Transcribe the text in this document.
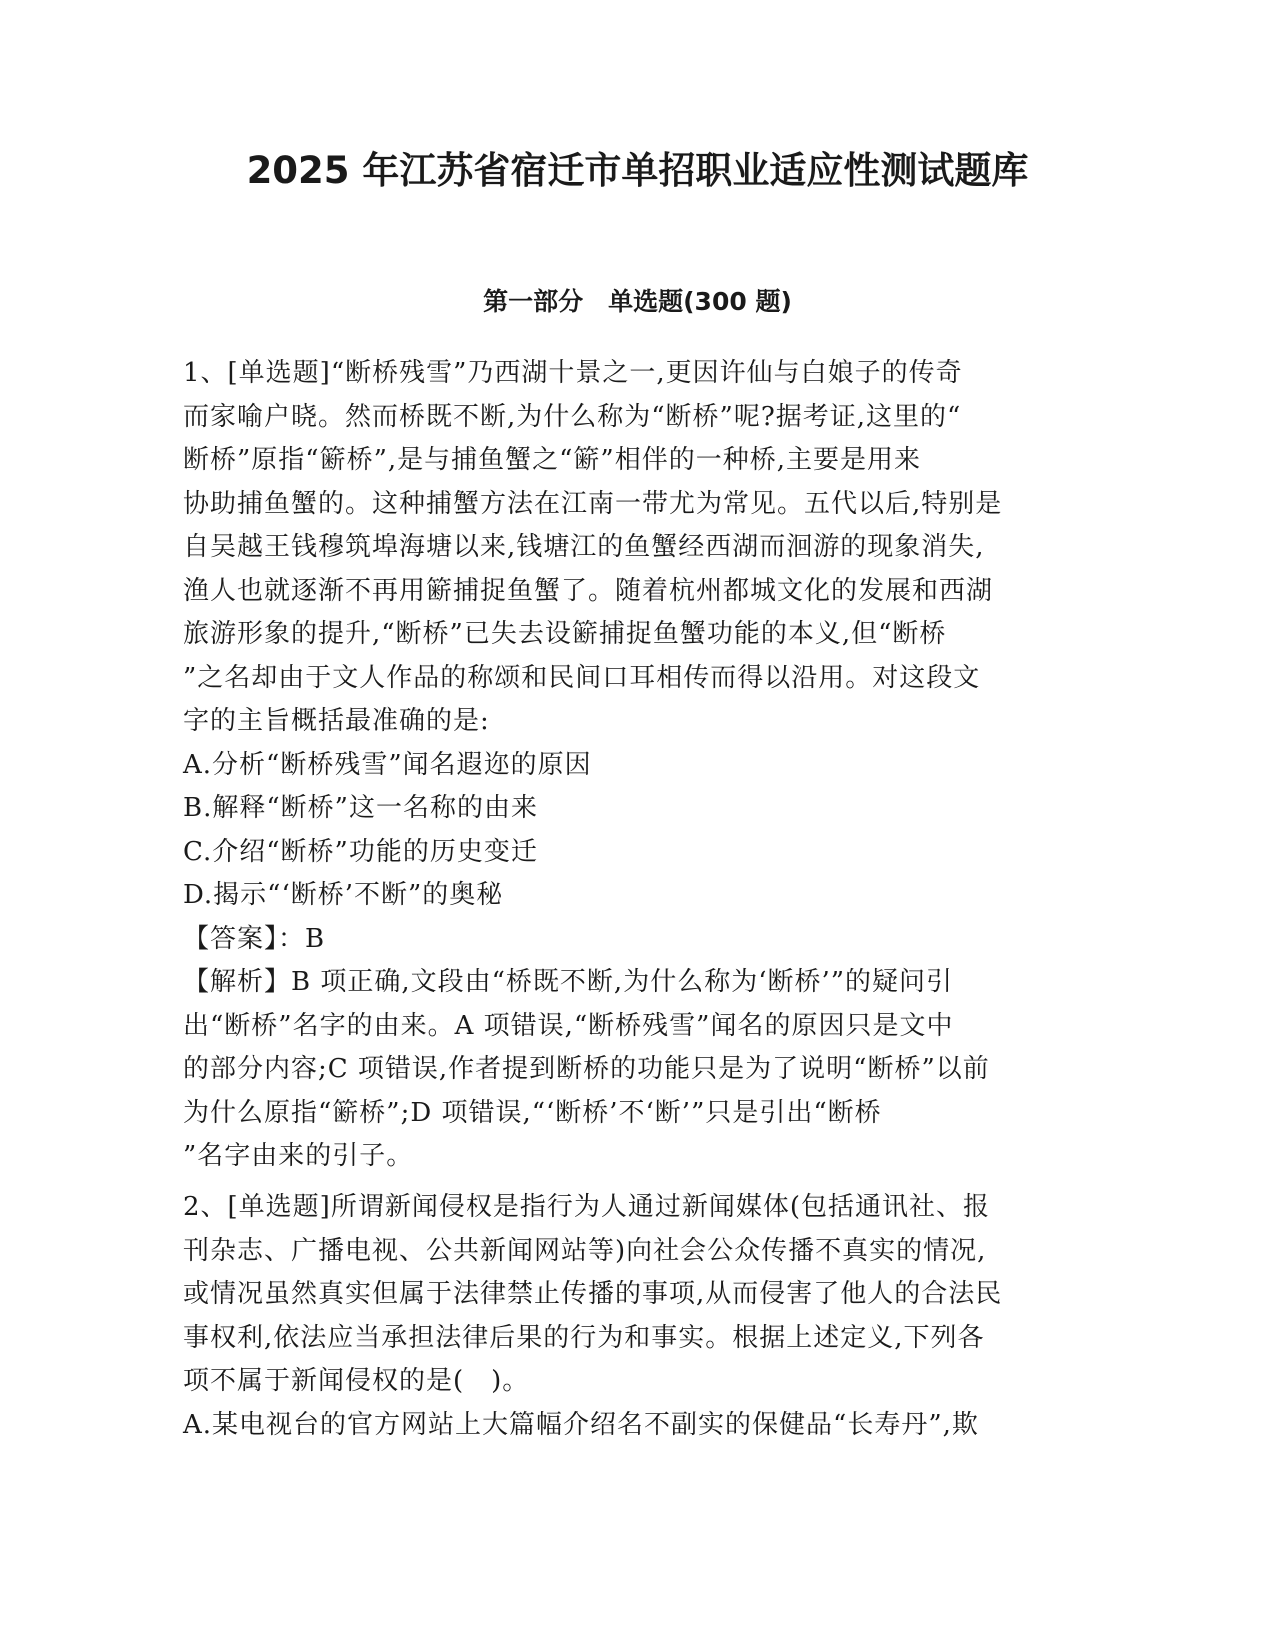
2025 年江苏省宿迁市单招职业适应性测试题库
第一部分　单选题(300 题)
1、[单选题]“断桥残雪”乃西湖十景之一,更因许仙与白娘子的传奇
而家喻户晓。然而桥既不断,为什么称为“断桥”呢?据考证,这里的“
断桥”原指“簖桥”,是与捕鱼蟹之“簖”相伴的一种桥,主要是用来
协助捕鱼蟹的。这种捕蟹方法在江南一带尤为常见。五代以后,特别是
自吴越王钱穆筑埠海塘以来,钱塘江的鱼蟹经西湖而洄游的现象消失,
渔人也就逐渐不再用簖捕捉鱼蟹了。随着杭州都城文化的发展和西湖
旅游形象的提升,“断桥”已失去设簖捕捉鱼蟹功能的本义,但“断桥
”之名却由于文人作品的称颂和民间口耳相传而得以沿用。对这段文
字的主旨概括最准确的是:
A.分析“断桥残雪”闻名遐迩的原因
B.解释“断桥”这一名称的由来
C.介绍“断桥”功能的历史变迁
D.揭示“‘断桥’不断”的奥秘
【答案】：B
【解析】B 项正确,文段由“桥既不断,为什么称为‘断桥’”的疑问引
出“断桥”名字的由来。A 项错误,“断桥残雪”闻名的原因只是文中
的部分内容;C 项错误,作者提到断桥的功能只是为了说明“断桥”以前
为什么原指“簖桥”;D 项错误,“‘断桥’不‘断’”只是引出“断桥
”名字由来的引子。
2、[单选题]所谓新闻侵权是指行为人通过新闻媒体(包括通讯社、报
刊杂志、广播电视、公共新闻网站等)向社会公众传播不真实的情况,
或情况虽然真实但属于法律禁止传播的事项,从而侵害了他人的合法民
事权利,依法应当承担法律后果的行为和事实。根据上述定义,下列各
项不属于新闻侵权的是(　)。
A.某电视台的官方网站上大篇幅介绍名不副实的保健品“长寿丹”,欺
